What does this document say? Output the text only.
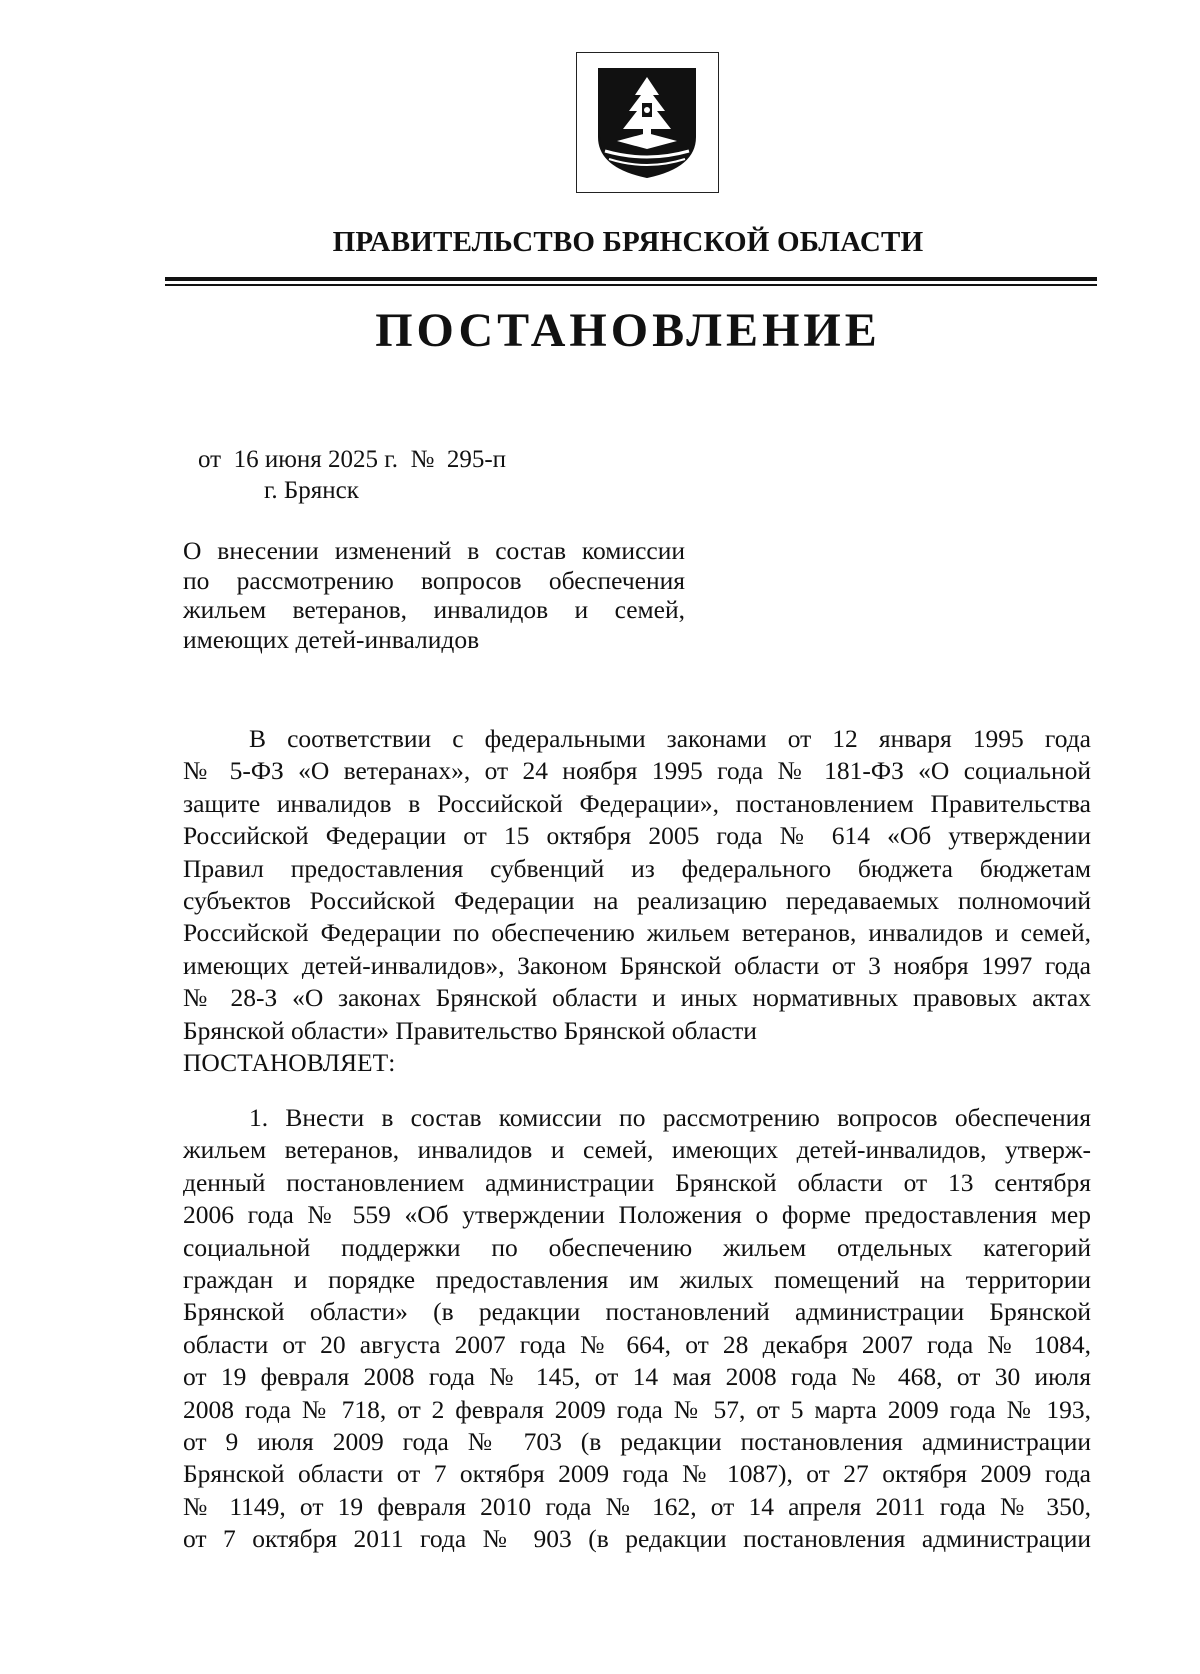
ПРАВИТЕЛЬСТВО БРЯНСКОЙ ОБЛАСТИ
ПОСТАНОВЛЕНИЕ
от  16 июня 2025 г.  №  295-п
г. Брянск
О внесении изменений в состав комиссии
по рассмотрению вопросов обеспечения
жильем ветеранов, инвалидов и семей,
имеющих детей-инвалидов
В соответствии с федеральными законами от 12 января 1995 года
№ 5-ФЗ «О ветеранах», от 24 ноября 1995 года № 181-ФЗ «О социальной
защите инвалидов в Российской Федерации», постановлением Правительства
Российской Федерации от 15 октября 2005 года № 614 «Об утверждении
Правил предоставления субвенций из федерального бюджета бюджетам
субъектов Российской Федерации на реализацию передаваемых полномочий
Российской Федерации по обеспечению жильем ветеранов, инвалидов и семей,
имеющих детей-инвалидов», Законом Брянской области от 3 ноября 1997 года
№ 28-З «О законах Брянской области и иных нормативных правовых актах
Брянской области» Правительство Брянской области
ПОСТАНОВЛЯЕТ:
1. Внести в состав комиссии по рассмотрению вопросов обеспечения
жильем ветеранов, инвалидов и семей, имеющих детей-инвалидов, утверж-
денный постановлением администрации Брянской области от 13 сентября
2006 года № 559 «Об утверждении Положения о форме предоставления мер
социальной поддержки по обеспечению жильем отдельных категорий
граждан и порядке предоставления им жилых помещений на территории
Брянской области» (в редакции постановлений администрации Брянской
области от 20 августа 2007 года № 664, от 28 декабря 2007 года № 1084,
от 19 февраля 2008 года № 145, от 14 мая 2008 года № 468, от 30 июля
2008 года № 718, от 2 февраля 2009 года № 57, от 5 марта 2009 года № 193,
от 9 июля 2009 года № 703 (в редакции постановления администрации
Брянской области от 7 октября 2009 года № 1087), от 27 октября 2009 года
№ 1149, от 19 февраля 2010 года № 162, от 14 апреля 2011 года № 350,
от 7 октября 2011 года № 903 (в редакции постановления администрации
